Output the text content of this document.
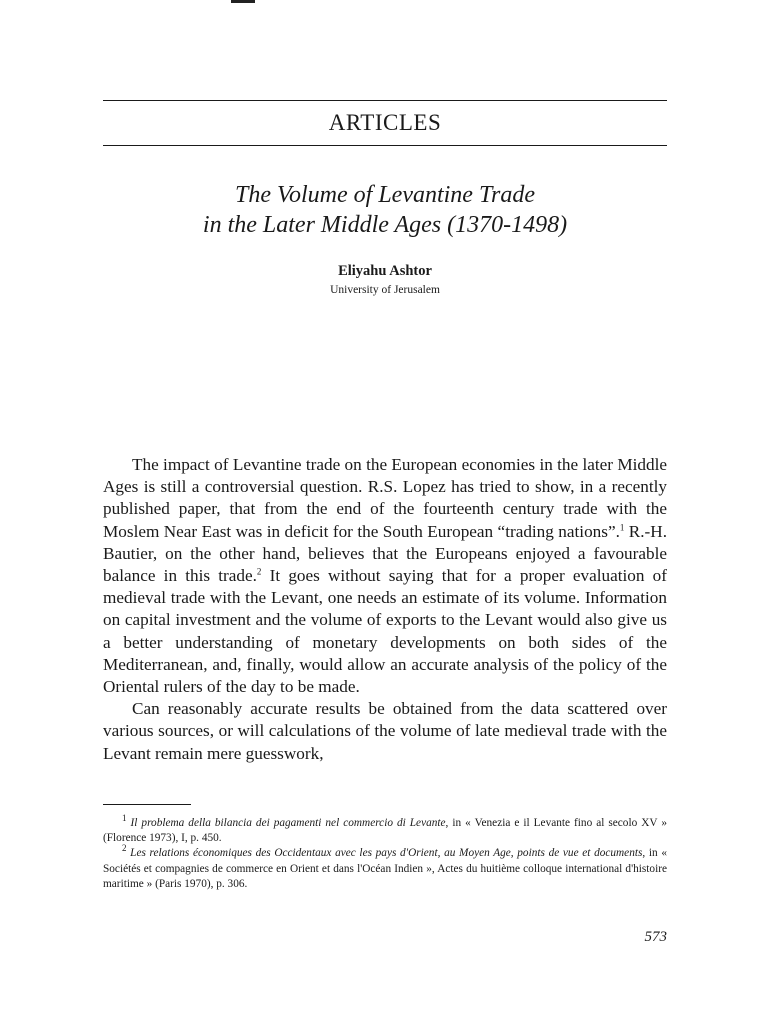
ARTICLES
The Volume of Levantine Trade
in the Later Middle Ages (1370-1498)
Eliyahu Ashtor
University of Jerusalem

The impact of Levantine trade on the European economies in the later Middle Ages is still a controversial question. R.S. Lopez has tried to show, in a recently published paper, that from the end of the fourteenth century trade with the Moslem Near East was in deficit for the South European “trading nations”.$^1$ R.-H. Bautier, on the other hand, believes that the Europeans enjoyed a favourable balance in this trade.$^2$ It goes without saying that for a proper evaluation of medieval trade with the Levant, one needs an estimate of its volume. Information on capital investment and the volume of exports to the Levant would also give us a better understanding of monetary developments on both sides of the Mediterranean, and, finally, would allow an accurate analysis of the policy of the Oriental rulers of the day to be made.

Can reasonably accurate results be obtained from the data scattered over various sources, or will calculations of the volume of late medieval trade with the Levant remain mere guesswork,

$^1$ Il problema della bilancia dei pagamenti nel commercio di Levante, in « Venezia e il Levante fino al secolo XV » (Florence 1973), I, p. 450.

$^2$ Les relations économiques des Occidentaux avec les pays d'Orient, au Moyen Age, points de vue et documents, in « Sociétés et compagnies de commerce en Orient et dans l'Océan Indien », Actes du huitième colloque international d'histoire maritime » (Paris 1970), p. 306.

573
